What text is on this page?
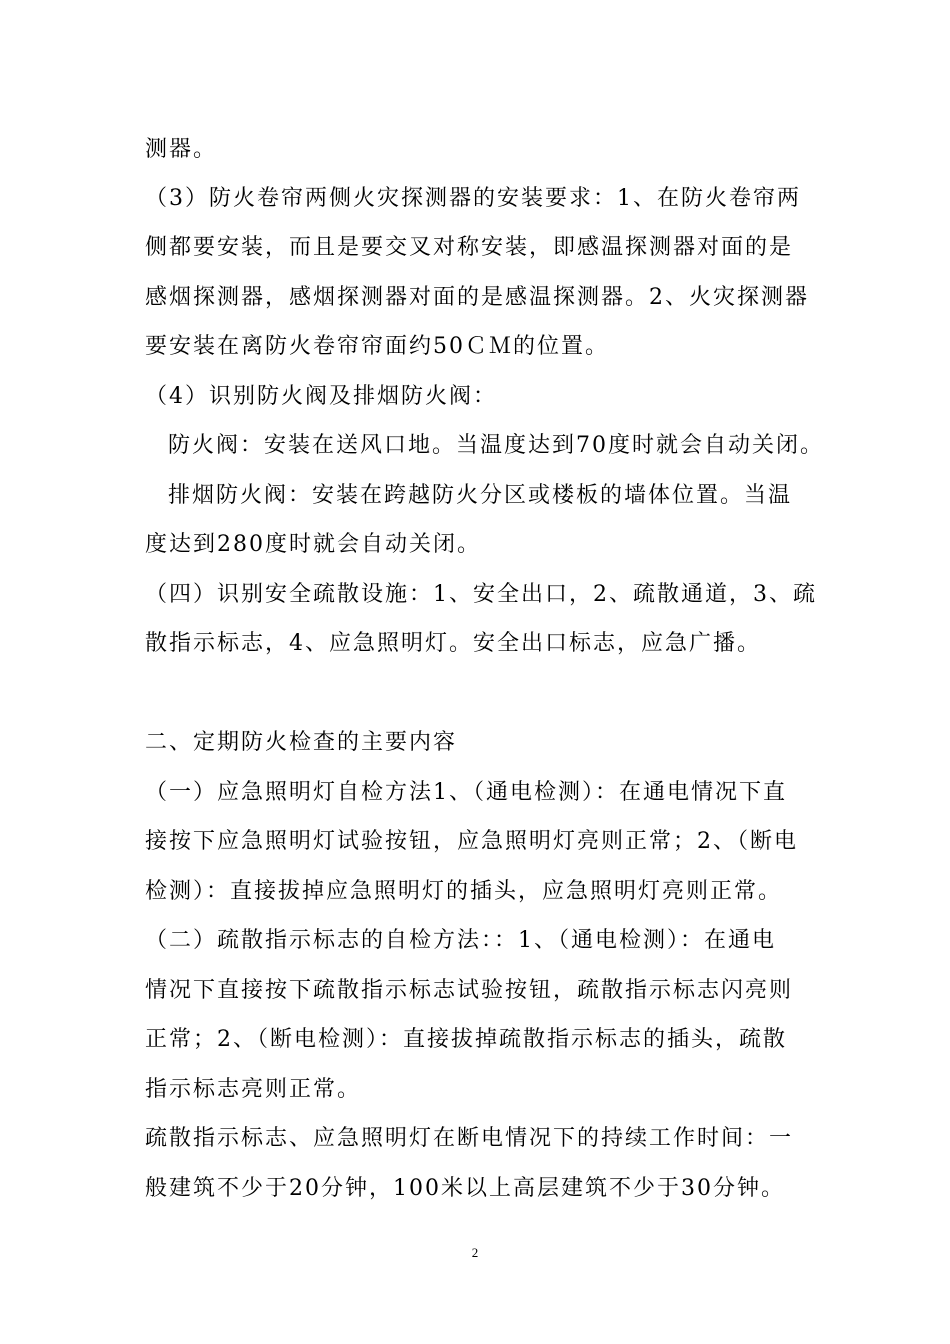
测器。
（3）防火卷帘两侧火灾探测器的安装要求：1、在防火卷帘两
侧都要安装，而且是要交叉对称安装，即感温探测器对面的是
感烟探测器，感烟探测器对面的是感温探测器。2、火灾探测器
要安装在离防火卷帘帘面约50ＣＭ的位置。
（4）识别防火阀及排烟防火阀：
防火阀：安装在送风口地。当温度达到70度时就会自动关闭。
排烟防火阀：安装在跨越防火分区或楼板的墙体位置。当温
度达到280度时就会自动关闭。
（四）识别安全疏散设施：1、安全出口，2、疏散通道，3、疏
散指示标志，4、应急照明灯。安全出口标志，应急广播。
二、定期防火检查的主要内容
（一）应急照明灯自检方法1、（通电检测）：在通电情况下直
接按下应急照明灯试验按钮，应急照明灯亮则正常；2、（断电
检测）：直接拔掉应急照明灯的插头，应急照明灯亮则正常。
（二）疏散指示标志的自检方法：：1、（通电检测）：在通电
情况下直接按下疏散指示标志试验按钮，疏散指示标志闪亮则
正常；2、（断电检测）：直接拔掉疏散指示标志的插头，疏散
指示标志亮则正常。
疏散指示标志、应急照明灯在断电情况下的持续工作时间：一
般建筑不少于20分钟，100米以上高层建筑不少于30分钟。
2
